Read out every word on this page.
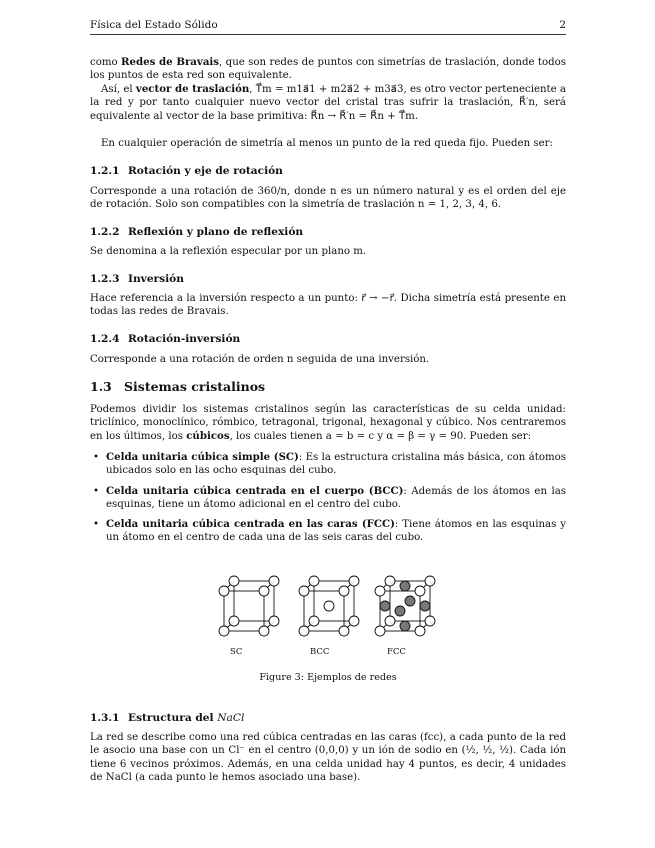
Física del Estado Sólido	2
como Redes de Bravais, que son redes de puntos con simetrías de traslación, donde todos los puntos de esta red son equivalente.
Así, el vector de traslación, T⃗m = m1a⃗1 + m2a⃗2 + m3a⃗3, es otro vector perteneciente a la red y por tanto cualquier nuevo vector del cristal tras sufrir la traslación, R⃗′n, será equivalente al vector de la base primitiva: R⃗n → R⃗′n = R⃗n + T⃗m.
En cualquier operación de simetría al menos un punto de la red queda fijo. Pueden ser:
1.2.1 Rotación y eje de rotación
Corresponde a una rotación de 360/n, donde n es un número natural y es el orden del eje de rotación. Solo son compatibles con la simetría de traslación n = 1, 2, 3, 4, 6.
1.2.2 Reflexión y plano de reflexión
Se denomina a la reflexión especular por un plano m.
1.2.3 Inversión
Hace referencia a la inversión respecto a un punto: r⃗ → −r⃗. Dicha simetría está presente en todas las redes de Bravais.
1.2.4 Rotación-inversión
Corresponde a una rotación de orden n seguida de una inversión.
1.3 Sistemas cristalinos
Podemos dividir los sistemas cristalinos según las características de su celda unidad: triclínico, monoclínico, rómbico, tetragonal, trigonal, hexagonal y cúbico. Nos centraremos en los últimos, los cúbicos, los cuales tienen a = b = c y α = β = γ = 90. Pueden ser:
• Celda unitaria cúbica simple (SC): Es la estructura cristalina más básica, con átomos ubicados solo en las ocho esquinas del cubo.
• Celda unitaria cúbica centrada en el cuerpo (BCC): Además de los átomos en las esquinas, tiene un átomo adicional en el centro del cubo.
• Celda unitaria cúbica centrada en las caras (FCC): Tiene átomos en las esquinas y un átomo en el centro de cada una de las seis caras del cubo.
SC	BCC	FCC
Figure 3: Ejemplos de redes
1.3.1 Estructura del NaCl
La red se describe como una red cúbica centradas en las caras (fcc), a cada punto de la red le asocio una base con un Cl⁻ en el centro (0,0,0) y un ión de sodio en (½, ½, ½). Cada ión tiene 6 vecinos próximos. Además, en una celda unidad hay 4 puntos, es decir, 4 unidades de NaCl (a cada punto le hemos asociado una base).
